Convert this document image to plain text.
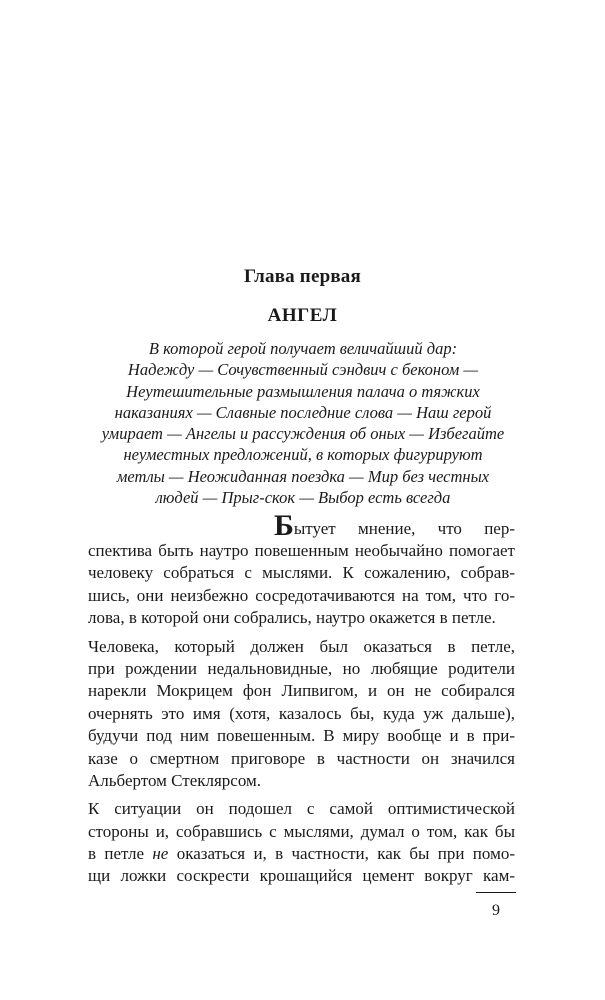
Глава первая
АНГЕЛ
В которой герой получает величайший дар:
Надежду — Сочувственный сэндвич с беконом —
Неутешительные размышления палача о тяжких
наказаниях — Славные последние слова — Наш герой
умирает — Ангелы и рассуждения об оных — Избегайте
неуместных предложений, в которых фигурируют
метлы — Неожиданная поездка — Мир без честных
людей — Прыг-скок — Выбор есть всегда
Б ытует мнение, что пер-
спектива быть наутро повешенным необычайно помогает
человеку собраться с мыслями. К сожалению, собрав-
шись, они неизбежно сосредотачиваются на том, что го-
лова, в которой они собрались, наутро окажется в петле.
Человека, который должен был оказаться в петле,
при рождении недальновидные, но любящие родители
нарекли Мокрицем фон Липвигом, и он не собирался
очернять это имя (хотя, казалось бы, куда уж дальше),
будучи под ним повешенным. В миру вообще и в при-
казе о смертном приговоре в частности он значился
Альбертом Стеклярсом.
К ситуации он подошел с самой оптимистической
стороны и, собравшись с мыслями, думал о том, как бы
в петле не оказаться и, в частности, как бы при помо-
щи ложки соскрести крошащийся цемент вокруг кам-
9
